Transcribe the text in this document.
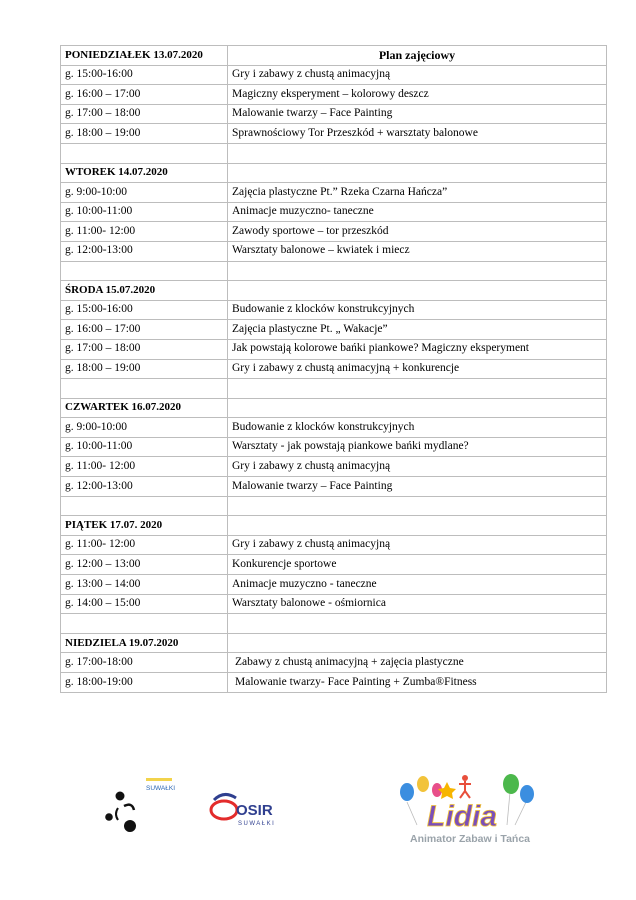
PONIEDZIAŁEK 13.07.2020	Plan zajęciowy
g. 15:00-16:00	Gry i zabawy z chustą animacyjną
g. 16:00 – 17:00	Magiczny eksperyment – kolorowy deszcz
g. 17:00 – 18:00	Malowanie twarzy – Face Painting
g. 18:00 – 19:00	Sprawnościowy Tor Przeszkód + warsztaty balonowe

WTOREK 14.07.2020	
g. 9:00-10:00	Zajęcia plastyczne Pt.” Rzeka Czarna Hańcza”
g. 10:00-11:00	Animacje muzyczno- taneczne
g. 11:00- 12:00	Zawody sportowe – tor przeszkód
g. 12:00-13:00	Warsztaty balonowe – kwiatek i miecz

ŚRODA 15.07.2020	
g. 15:00-16:00	Budowanie z klocków konstrukcyjnych
g. 16:00 – 17:00	Zajęcia plastyczne Pt. „ Wakacje”
g. 17:00 – 18:00	Jak powstają kolorowe bańki piankowe? Magiczny eksperyment
g. 18:00 – 19:00	Gry i zabawy z chustą animacyjną + konkurencje

CZWARTEK 16.07.2020	
g. 9:00-10:00	Budowanie z klocków konstrukcyjnych
g. 10:00-11:00	Warsztaty - jak powstają piankowe bańki mydlane?
g. 11:00- 12:00	Gry i zabawy z chustą animacyjną
g. 12:00-13:00	Malowanie twarzy – Face Painting

PIĄTEK 17.07. 2020	
g. 11:00- 12:00	Gry i zabawy z chustą animacyjną
g. 12:00 – 13:00	Konkurencje sportowe
g. 13:00 – 14:00	Animacje muzyczno - taneczne
g. 14:00 – 15:00	Warsztaty balonowe - ośmiornica

NIEDZIELA 19.07.2020	
g. 17:00-18:00	Zabawy z chustą animacyjną + zajęcia plastyczne
g. 18:00-19:00	Malowanie twarzy- Face Painting + Zumba®Fitness
SUWAŁKI
OSIR
SUWAŁKI	Lidia
Animator Zabaw i Tańca
